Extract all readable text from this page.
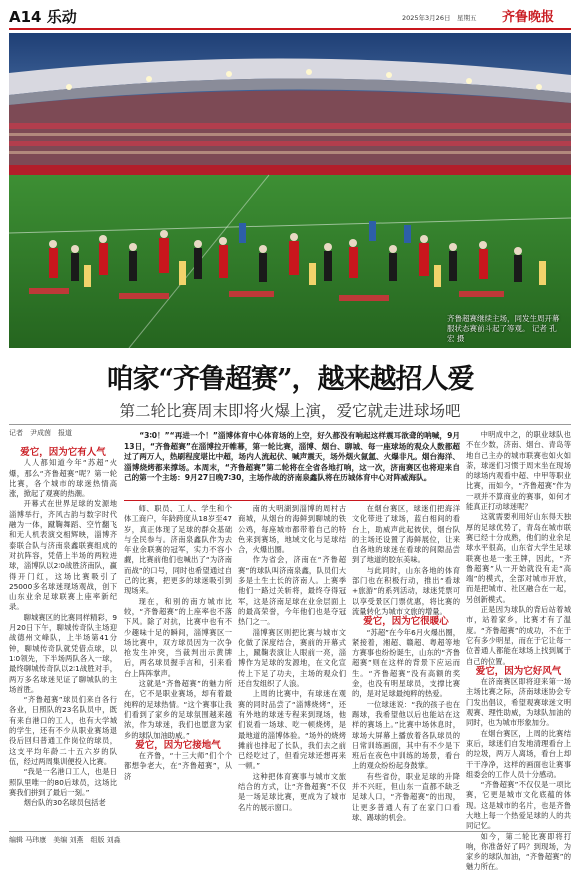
A14 乐动	2025年3月26日　星期五 齐鲁晚报
齐鲁超赛继续主场，同发生周开幕服状态赛前斗起了等观。 记者 孔 宏 摄
咱家“齐鲁超赛”，越来越招人爱
第二轮比赛周末即将火爆上演，爱它就走进球场吧
记者　尹成茵　报道	“3∶0！”“再进一个！”淄博体育中心体育场的上空，好久都没有响起这样震耳欲聋的呐喊，9月13日，“齐鲁超赛”在淄博拉开帷幕，第一轮比赛，淄博、烟台、聊城、每一座球场的观众人数都超过了两万人，热刷程度堪比中超，场内人流起伏、喊声震天，场外烟火氤氲、火爆非凡。烟台海洋、淄博烧烤都来撑场。本周末，“齐鲁超赛”第二轮将在全省各地打响，这一次，济南赛区也将迎来自己的第一个主场：9月27日晚7∶30，主场作战的济南泉鑫队将在历城体育中心对阵威海队。

爱它，因为它有人气

人人都知道今年“苏超”火爆，那么“齐鲁超赛”呢？第一轮比赛，各个城市的球迷热情高涨，掀起了观赛的热潮。

开幕式在世界足球的发源地淄博举行，齐风古韵与数字时代融为一体，蹴鞠舞蹈、空竹翻飞和无人机表演交相辉映，淄博齐泰联合队与济南泉鑫联赛组成的对抗阵容，凭借上半场的两粒进球，淄博队以2∶0战胜济南队，赢得开门红，这场比赛吸引了25000多名球迷现场观战，创下山东业余足球联赛上座率新纪录。

聊城赛区的比赛同样精彩，9月20日下午，聊城传奇队主场迎战德州文峰队，上半场第41分钟，聊城传奇队就凭借点球，以1∶0领先，下半场两队各入一球，最终聊城传奇队以2∶1战胜对手，两万多名球迷见证了聊城队的主场首胜。

“齐鲁超赛”球员们来自各行各业，日照队的23名队员中，既有来自港口的工人，也有大学城的学生，还有不少从职业赛场退役后回归普通工作岗位的球员，这支平均年龄二十五六岁的队伍，经过两周集训便投入比赛。

“我是一名港口工人，也是日照队里唯一的80后球员，这场比赛我们拼到了最后一刻。”

烟台队的30名球员包括老

师、职员、工人、学生和个体工商户，年龄跨度从18岁至47岁，真正体现了足球的群众基础与全民参与。济南泉鑫队作为去年业余联赛的冠军，实力不容小觑，比赛前他们也喊出了“为济南而战”的口号，同时也希望通过自己的比赛，把更多的球迷吸引到现场来。

现在，和别的南方城市比较，“齐鲁超赛”的上座率也不落下风。除了对抗，比赛中也有不少趣味十足的瞬间，淄博赛区一场比赛中，双方球员因为一次争抢发生冲突，当裁判出示黄牌后，两名球员握手言和，引来看台上阵阵掌声。

这就是“齐鲁超赛”的魅力所在，它不是职业赛场，却有着最纯粹的足球热情。“这个赛事让我们看到了家乡的足球氛围越来越浓，作为球迷，我们也愿意为家乡的球队加油助威。”

爱它，因为它接地气

在齐鲁，“十三大师”们个个都想争老大，在“齐鲁超赛”，从济

南的大明湖到淄博的周村古商城，从烟台的海鲜到聊城的铁公鸡，每座城市都带着自己的特色来到赛场，地域文化与足球结合，火爆出圈。

作为省会，济南在“齐鲁超赛”的球队叫济南泉鑫，队员们大多是土生土长的济南人。上赛季他们一路过关斩将，最终夺得冠军，这是济南足球在业余层面上的最高荣誉，今年他们也是夺冠热门之一。

淄博赛区则把比赛与城市文化做了深度结合，赛前的开幕式上，蹴鞠表演让人眼前一亮，淄博作为足球的发源地，在文化宣传上下足了功夫，主场的观众们还自发组织了人浪。

上周的比赛中，有球迷在观赛的同时品尝了“淄博烧烤”，还有外地的球迷专程来到现场，他们说看一场球、吃一顿烧烤，是最地道的淄博体验。“场外的烧烤摊前也排起了长队，我们去之前已经吃过了，但看完球还想再来一顿。”

这种把体育赛事与城市文旅结合的方式，让“齐鲁超赛”不仅是一场足球比赛，更成为了城市名片的展示窗口。

在烟台赛区，球迷们把海洋文化带进了球场，蓝白相间的看台上，助威声此起彼伏，烟台队的主场还设置了海鲜展位，让来自各地的球迷在看球的间隙品尝到了地道的胶东美味。

与此同时，山东各地的体育部门也在积极行动，推出“看球+旅游”的系列活动，球迷凭票可以享受景区门票优惠，将比赛的流量转化为城市文旅的增量。

爱它，因为它很暖心

“苏超”在今年6月火爆出圈，紧接着，湘超、赣超、粤超等地方赛事也纷纷诞生，山东的“齐鲁超赛”则在这样的背景下应运而生。“齐鲁超赛”没有高额的奖金，也没有明星球员，支撑比赛的，是对足球最纯粹的热爱。

一位球迷说：“我的孩子也在踢球，我希望他以后也能站在这样的赛场上。”比赛中场休息时，球场大屏幕上播放着各队球员的日常训练画面，其中有不少是下班后在夜色中训练的场景，看台上的观众纷纷起身鼓掌。

有些省份，职业足球的升降并不兴旺，但山东一直都不缺乏足球人口，“齐鲁超赛”的出现，让更多普通人有了在家门口看球、踢球的机会。

中明成中之，的职业球队也不在少数，济南、烟台、青岛等地自己主办的城市联赛也如火如荼，球迷们习惯于周末坐在现场的球场内观看中超、中甲等职业比赛，而如今，“齐鲁超赛”作为一项并不算商业的赛事，如何才能真正打动球迷呢？

这就需要利用好山东得天独厚的足球优势了，青岛在城市联赛已经十分成熟，他们的业余足球水平很高，山东省大学生足球联赛也是一张王牌，因此，“齐鲁超赛”从一开始就没有走“高端”的模式，全部对城市开放，而是把城市、社区融合在一起，另创新模式。

正是因为球队的背后站着城市，站着家乡，比赛才有了温度。“齐鲁超赛”的成功，不在于它有多少明星，而在于它让每一位普通人都能在球场上找到属于自己的位置。

爱它，因为它好风气

在济南赛区即将迎来第一场主场比赛之际，济南球迷协会专门发出倡议，希望观赛球迷文明观赛、理性助威，为球队加油的同时，也为城市形象加分。

在烟台赛区，上周的比赛结束后，球迷们自发地清理看台上的垃圾，两万人离场，看台上却干干净净，这样的画面也让赛事组委会的工作人员十分感动。

“齐鲁超赛”不仅仅是一项比赛，它更是城市文化底蕴的体现。这是城市的名片，也是齐鲁大地上每一个热爱足球的人的共同记忆。

如今，第二轮比赛即将打响，你准备好了吗？到现场，为家乡的球队加油，“齐鲁超赛”的魅力所在。

编辑 马玮康　美编 刘燕　组版 刘淼
